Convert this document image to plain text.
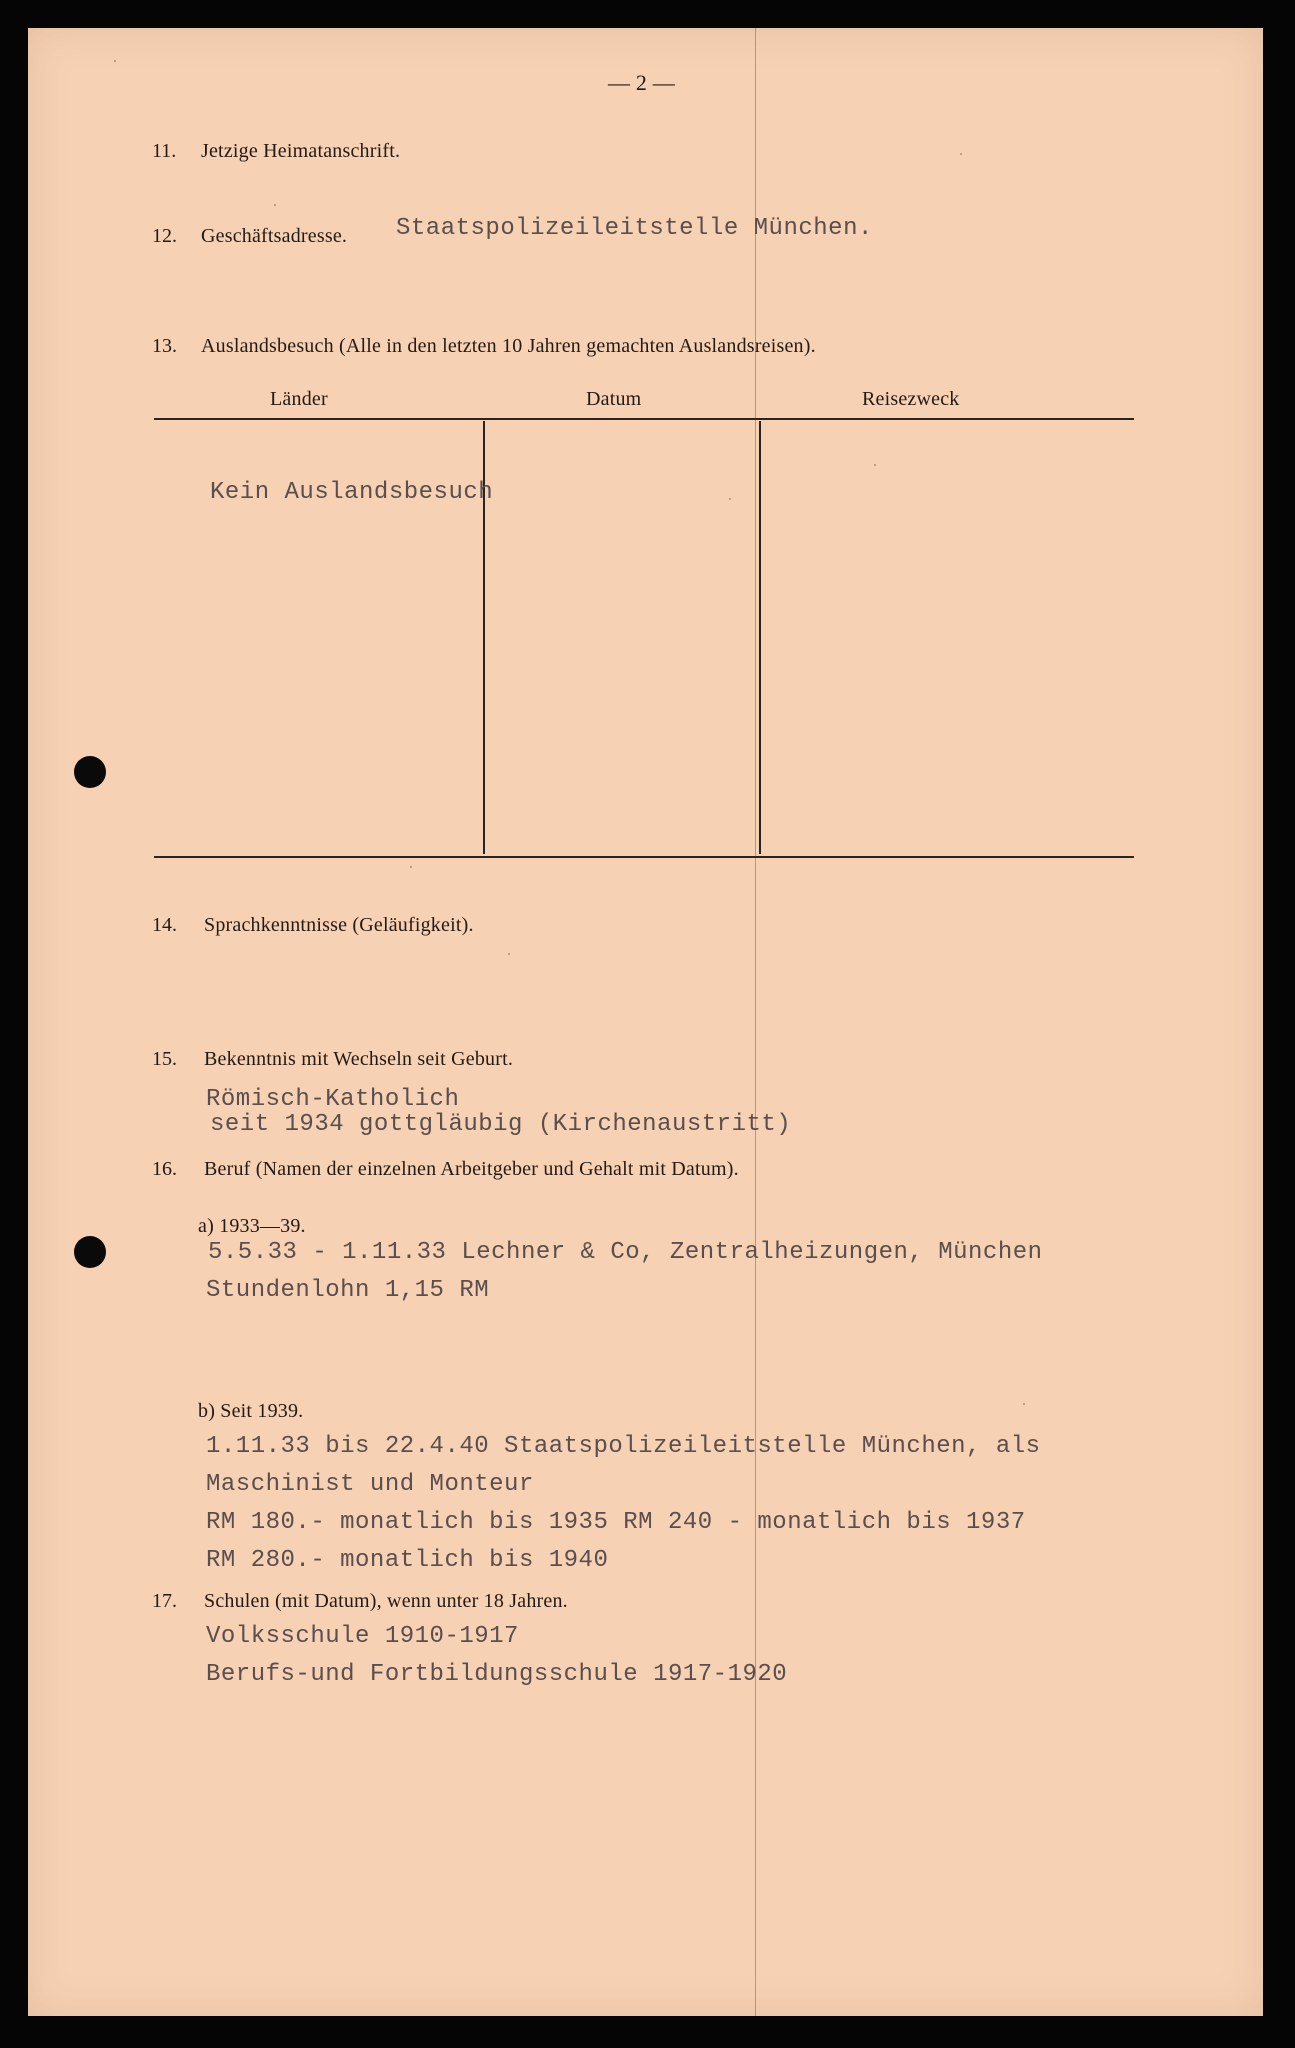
— 2 —
11. Jetzige Heimatanschrift.
12. Geschäftsadresse. Staatspolizeileitstelle München.
13. Auslandsbesuch (Alle in den letzten 10 Jahren gemachten Auslandsreisen).
Länder	Datum	Reisezweck
Kein Auslandsbesuch
14. Sprachkenntnisse (Geläufigkeit).
15. Bekenntnis mit Wechseln seit Geburt.
Römisch-Katholich
seit 1934 gottgläubig (Kirchenaustritt)
16. Beruf (Namen der einzelnen Arbeitgeber und Gehalt mit Datum).
a) 1933—39.
5.5.33 - 1.11.33 Lechner & Co, Zentralheizungen, München
Stundenlohn 1,15 RM
b) Seit 1939.
1.11.33 bis 22.4.40 Staatspolizeileitstelle München, als
Maschinist und Monteur
RM 180.- monatlich bis 1935 RM 240 - monatlich bis 1937
RM 280.- monatlich bis 1940
17. Schulen (mit Datum), wenn unter 18 Jahren.
Volksschule 1910-1917
Berufs-und Fortbildungsschule 1917-1920
